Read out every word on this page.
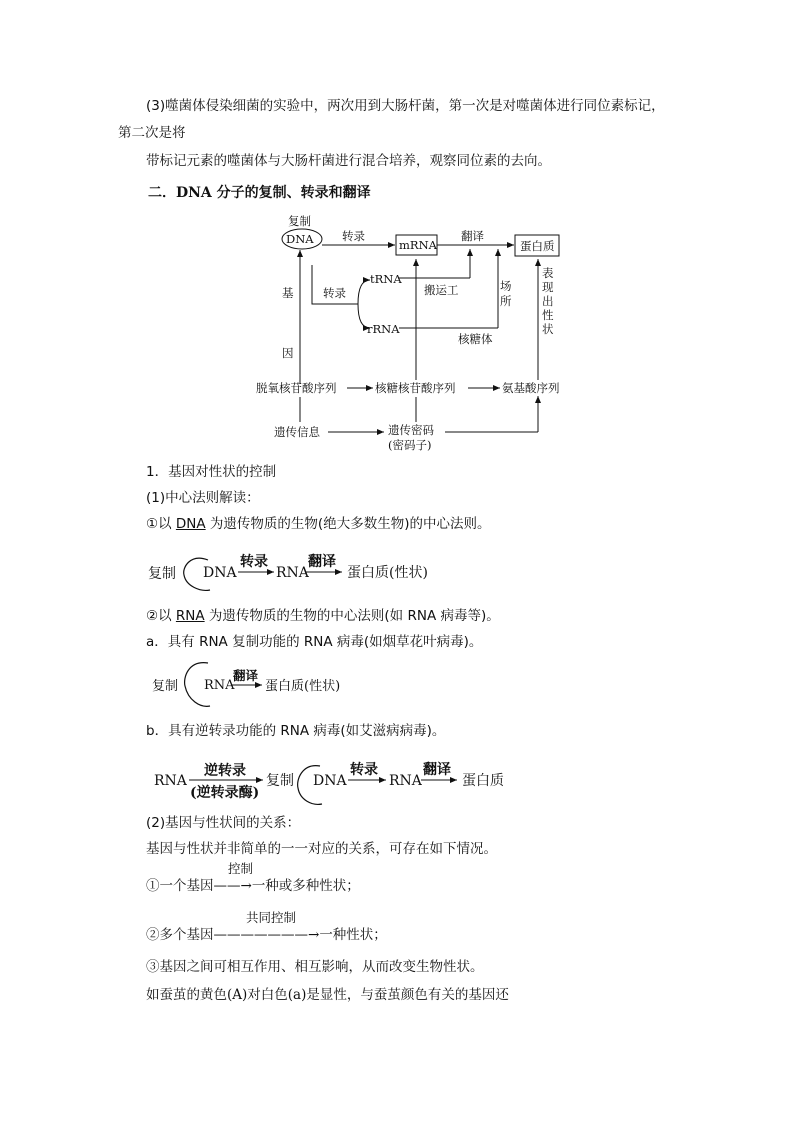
(3)噬菌体侵染细菌的实验中，两次用到大肠杆菌，第一次是对噬菌体进行同位素标记，
第二次是将
带标记元素的噬菌体与大肠杆菌进行混合培养，观察同位素的去向。
二．DNA 分子的复制、转录和翻译
复制
DNA 转录
mRNA
翻译
蛋白质
基
因
转录
tRNA
rRNA
搬运工	场
所
核糖体
表
现
出
性
状
脱氧核苷酸序列	核糖核苷酸序列	氨基酸序列
遗传信息	遗传密码
(密码子)
1．基因对性状的控制
(1)中心法则解读：
①以 DNA 为遗传物质的生物(绝大多数生物)的中心法则。
复制 DNA
转录
RNA
翻译
蛋白质(性状)
②以 RNA 为遗传物质的生物的中心法则(如 RNA 病毒等)。
a．具有 RNA 复制功能的 RNA 病毒(如烟草花叶病毒)。
复制 RNA
翻译
蛋白质(性状)
b．具有逆转录功能的 RNA 病毒(如艾滋病病毒)。
RNA
逆转录
(逆转录酶)
复制 DNA
转录
RNA
翻译
蛋白质
(2)基因与性状间的关系：
基因与性状并非简单的一一对应的关系，可存在如下情况。
控制
①一个基因——→一种或多种性状；
共同控制
②多个基因———————→一种性状；
③基因之间可相互作用、相互影响，从而改变生物性状。
如蚕茧的黄色(A)对白色(a)是显性，与蚕茧颜色有关的基因还
